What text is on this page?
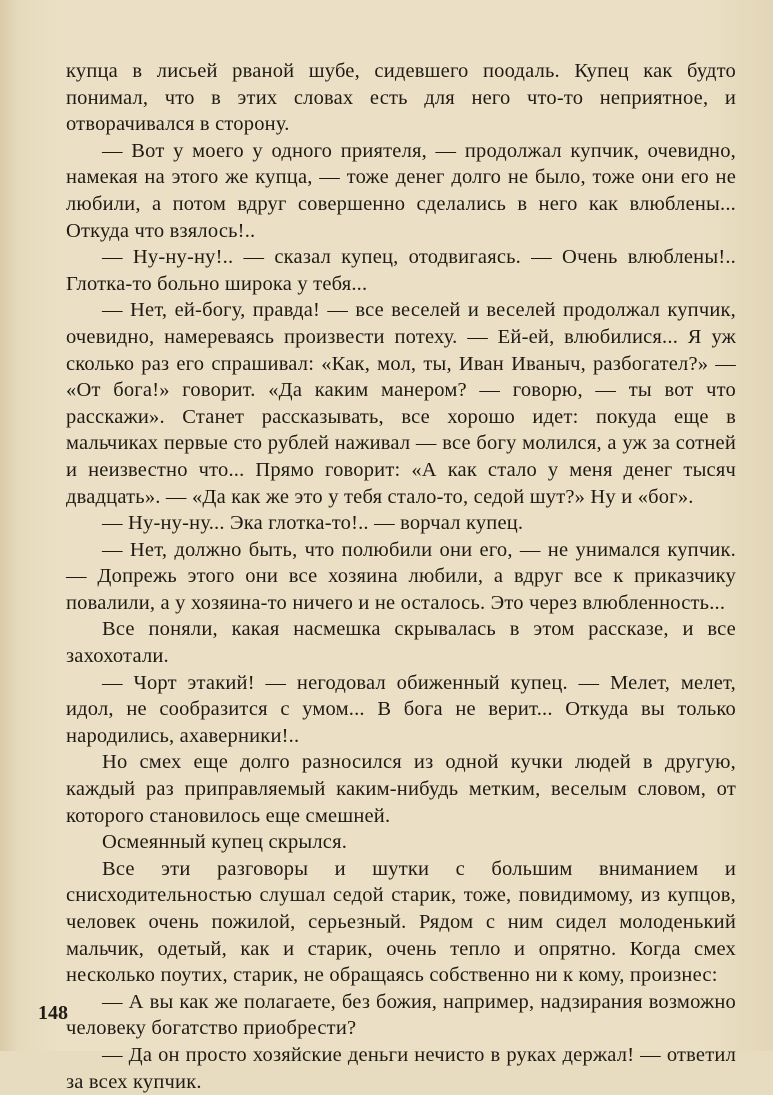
купца в лисьей рваной шубе, сидевшего поодаль. Купец как будто понимал, что в этих словах есть для него что-то неприятное, и отворачивался в сторону.

— Вот у моего у одного приятеля, — продолжал купчик, очевидно, намекая на этого же купца, — тоже денег долго не было, тоже они его не любили, а потом вдруг совершенно сделались в него как влюблены... Откуда что взялось!..

— Ну-ну-ну!.. — сказал купец, отодвигаясь. — Очень влюблены!.. Глотка-то больно широка у тебя...

— Нет, ей-богу, правда! — все веселей и веселей продолжал купчик, очевидно, намереваясь произвести потеху. — Ей-ей, влюбилися... Я уж сколько раз его спрашивал: «Как, мол, ты, Иван Иваныч, разбогател?» — «От бога!» говорит. «Да каким манером? — говорю, — ты вот что расскажи». Станет рассказывать, все хорошо идет: покуда еще в мальчиках первые сто рублей наживал — все богу молился, а уж за сотней и неизвестно что... Прямо говорит: «А как стало у меня денег тысяч двадцать». — «Да как же это у тебя стало-то, седой шут?» Ну и «бог».

— Ну-ну-ну... Эка глотка-то!.. — ворчал купец.

— Нет, должно быть, что полюбили они его, — не унимался купчик. — Допрежь этого они все хозяина любили, а вдруг все к приказчику повалили, а у хозяина-то ничего и не осталось. Это через влюбленность...

Все поняли, какая насмешка скрывалась в этом рассказе, и все захохотали.

— Чорт этакий! — негодовал обиженный купец. — Мелет, мелет, идол, не сообразится с умом... В бога не верит... Откуда вы только народились, ахаверники!..

Но смех еще долго разносился из одной кучки людей в другую, каждый раз приправляемый каким-нибудь метким, веселым словом, от которого становилось еще смешней.

Осмеянный купец скрылся.

Все эти разговоры и шутки с большим вниманием и снисходительностью слушал седой старик, тоже, повидимому, из купцов, человек очень пожилой, серьезный. Рядом с ним сидел молоденький мальчик, одетый, как и старик, очень тепло и опрятно. Когда смех несколько поутих, старик, не обращаясь собственно ни к кому, произнес:

— А вы как же полагаете, без божия, например, надзирания возможно человеку богатство приобрести?

— Да он просто хозяйские деньги нечисто в руках держал! — ответил за всех купчик.

148
